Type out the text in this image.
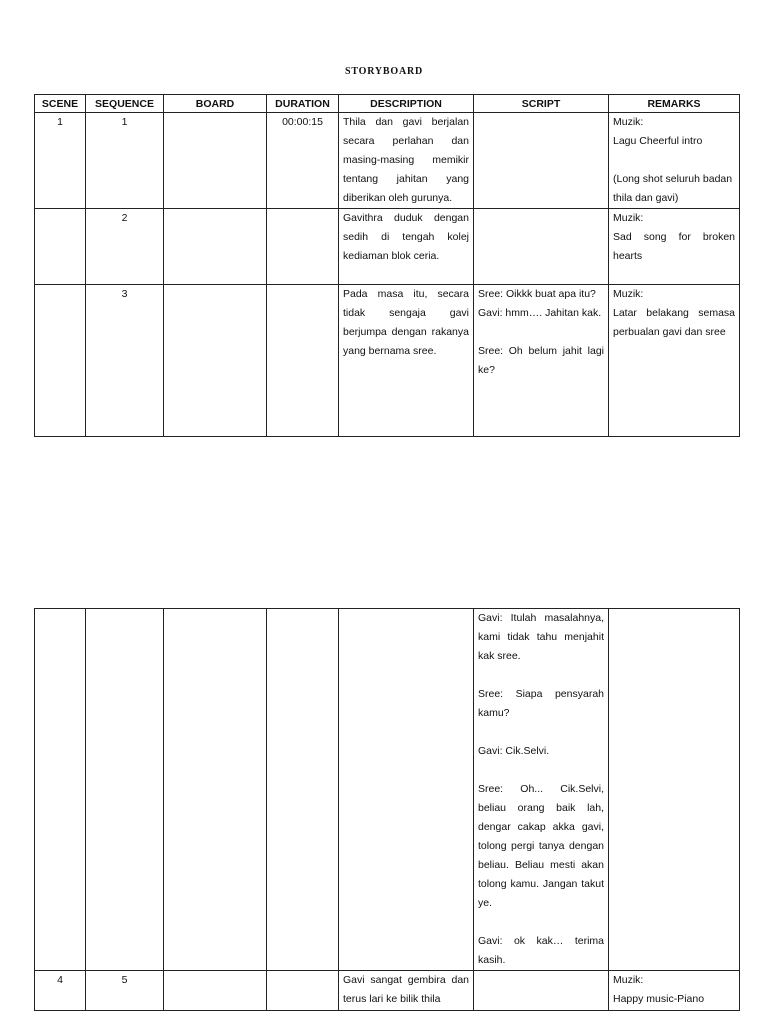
STORYBOARD
SCENE	SEQUENCE	BOARD	DURATION	DESCRIPTION	SCRIPT	REMARKS
1	1		00:00:15	Thila dan gavi berjalan secara perlahan dan masing-masing memikir tentang jahitan yang diberikan oleh gurunya.		Muzik:
Lagu Cheerful intro
(Long shot seluruh badan thila dan gavi)

	2			Gavithra duduk dengan sedih di tengah kolej kediaman blok ceria.		Muzik:
Sad song for broken hearts

	3			Pada masa itu, secara tidak sengaja gavi berjumpa dengan rakanya yang bernama sree.	Sree: Oikkk buat apa itu?
Gavi: hmm…. Jahitan kak.
Sree: Oh belum jahit lagi ke?	Muzik:
Latar belakang semasa perbualan gavi dan sree

					Gavi: Itulah masalahnya, kami tidak tahu menjahit kak sree.
Sree: Siapa pensyarah kamu?
Gavi: Cik.Selvi.
Sree: Oh... Cik.Selvi, beliau orang baik lah, dengar cakap akka gavi, tolong pergi tanya dengan beliau. Beliau mesti akan tolong kamu. Jangan takut ye.
Gavi: ok kak… terima kasih.	

4	5			Gavi sangat gembira dan terus lari ke bilik thila		Muzik:
Happy music-Piano
